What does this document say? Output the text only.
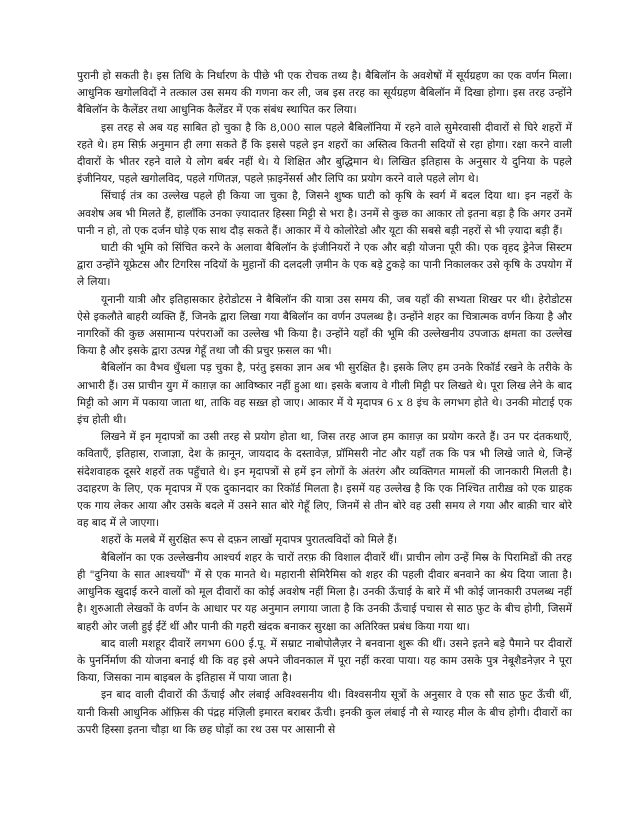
पुरानी हो सकती है। इस तिथि के निर्धारण के पीछे भी एक रोचक तथ्य है। बैबिलॉन के अवशेषों में सूर्यग्रहण का एक वर्णन मिला। आधुनिक खगोलविदों ने तत्काल उस समय की गणना कर ली, जब इस तरह का सूर्यग्रहण बैबिलॉन में दिखा होगा। इस तरह उन्होंने बैबिलॉन के कैलेंडर तथा आधुनिक कैलेंडर में एक संबंध स्थापित कर लिया।

इस तरह से अब यह साबित हो चुका है कि 8,000 साल पहले बैबिलॉनिया में रहने वाले सुमेरवासी दीवारों से घिरे शहरों में रहते थे। हम सिर्फ़ अनुमान ही लगा सकते हैं कि इससे पहले इन शहरों का अस्तित्व कितनी सदियों से रहा होगा। रक्षा करने वाली दीवारों के भीतर रहने वाले ये लोग बर्बर नहीं थे। ये शिक्षित और बुद्धिमान थे। लिखित इतिहास के अनुसार ये दुनिया के पहले इंजीनियर, पहले खगोलविद, पहले गणितज्ञ, पहले फ़ाइनेंसर्स और लिपि का प्रयोग करने वाले पहले लोग थे।

सिंचाई तंत्र का उल्लेख पहले ही किया जा चुका है, जिसने शुष्क घाटी को कृषि के स्वर्ग में बदल दिया था। इन नहरों के अवशेष अब भी मिलते हैं, हालाँकि उनका ज़्यादातर हिस्सा मिट्टी से भरा है। उनमें से कुछ का आकार तो इतना बड़ा है कि अगर उनमें पानी न हो, तो एक दर्जन घोड़े एक साथ दौड़ सकते हैं। आकार में ये कोलोरेडो और यूटा की सबसे बड़ी नहरों से भी ज़्यादा बड़ी हैं।

घाटी की भूमि को सिंचित करने के अलावा बैबिलॉन के इंजीनियरों ने एक और बड़ी योजना पूरी की। एक वृहद ड्रेनेज सिस्टम द्वारा उन्होंने यूफ्रेटस और टिगरिस नदियों के मुहानों की दलदली ज़मीन के एक बड़े टुकड़े का पानी निकालकर उसे कृषि के उपयोग में ले लिया।

यूनानी यात्री और इतिहासकार हेरोडोटस ने बैबिलॉन की यात्रा उस समय की, जब यहाँ की सभ्यता शिखर पर थी। हेरोडोटस ऐसे इकलौते बाहरी व्यक्ति हैं, जिनके द्वारा लिखा गया बैबिलॉन का वर्णन उपलब्ध है। उन्होंने शहर का चित्रात्मक वर्णन किया है और नागरिकों की कुछ असामान्य परंपराओं का उल्लेख भी किया है। उन्होंने यहाँ की भूमि की उल्लेखनीय उपजाऊ क्षमता का उल्लेख किया है और इसके द्वारा उत्पन्न गेहूँ तथा जौ की प्रचुर फ़सल का भी।

बैबिलॉन का वैभव धुँधला पड़ चुका है, परंतु इसका ज्ञान अब भी सुरक्षित है। इसके लिए हम उनके रिकॉर्ड रखने के तरीके के आभारी हैं। उस प्राचीन युग में काग़ज़ का आविष्कार नहीं हुआ था। इसके बजाय वे गीली मिट्टी पर लिखते थे। पूरा लिख लेने के बाद मिट्टी को आग में पकाया जाता था, ताकि वह सख़्त हो जाए। आकार में ये मृदापत्र 6 x 8 इंच के लगभग होते थे। उनकी मोटाई एक इंच होती थी।

लिखने में इन मृदापत्रों का उसी तरह से प्रयोग होता था, जिस तरह आज हम काग़ज़ का प्रयोग करते हैं। उन पर दंतकथाएँ, कविताएँ, इतिहास, राजाज्ञा, देश के क़ानून, जायदाद के दस्तावेज़, प्रॉमिसरी नोट और यहाँ तक कि पत्र भी लिखे जाते थे, जिन्हें संदेशवाहक दूसरे शहरों तक पहुँचाते थे। इन मृदापत्रों से हमें इन लोगों के अंतरंग और व्यक्तिगत मामलों की जानकारी मिलती है। उदाहरण के लिए, एक मृदापत्र में एक दुकानदार का रिकॉर्ड मिलता है। इसमें यह उल्लेख है कि एक निश्चित तारीख़ को एक ग्राहक एक गाय लेकर आया और उसके बदले में उसने सात बोरे गेहूँ लिए, जिनमें से तीन बोरे वह उसी समय ले गया और बाक़ी चार बोरे वह बाद में ले जाएगा।

शहरों के मलबे में सुरक्षित रूप से दफ़न लाखों मृदापत्र पुरातत्वविदों को मिले हैं।

बैबिलॉन का एक उल्लेखनीय आश्चर्य शहर के चारों तरफ़ की विशाल दीवारें थीं। प्राचीन लोग उन्हें मिस्र के पिरामिडों की तरह ही "दुनिया के सात आश्चर्यों" में से एक मानते थे। महारानी सेमिरैमिस को शहर की पहली दीवार बनवाने का श्रेय दिया जाता है। आधुनिक खुदाई करने वालों को मूल दीवारों का कोई अवशेष नहीं मिला है। उनकी ऊँचाई के बारे में भी कोई जानकारी उपलब्ध नहीं है। शुरुआती लेखकों के वर्णन के आधार पर यह अनुमान लगाया जाता है कि उनकी ऊँचाई पचास से साठ फ़ुट के बीच होगी, जिसमें बाहरी ओर जली हुई ईंटें थीं और पानी की गहरी खंदक बनाकर सुरक्षा का अतिरिक्त प्रबंध किया गया था।

बाद वाली मशहूर दीवारें लगभग 600 ई.पू. में सम्राट नाबोपोलैज़र ने बनवाना शुरू की थीं। उसने इतने बड़े पैमाने पर दीवारों के पुनर्निर्माण की योजना बनाई थी कि वह इसे अपने जीवनकाल में पूरा नहीं करवा पाया। यह काम उसके पुत्र नेबूशैडनेज़र ने पूरा किया, जिसका नाम बाइबल के इतिहास में पाया जाता है।

इन बाद वाली दीवारों की ऊँचाई और लंबाई अविश्वसनीय थी। विश्वसनीय सूत्रों के अनुसार वे एक सौ साठ फ़ुट ऊँची थीं, यानी किसी आधुनिक ऑफ़िस की पंद्रह मंज़िली इमारत बराबर ऊँची। इनकी कुल लंबाई नौ से ग्यारह मील के बीच होगी। दीवारों का ऊपरी हिस्सा इतना चौड़ा था कि छह घोड़ों का रथ उस पर आसानी से
